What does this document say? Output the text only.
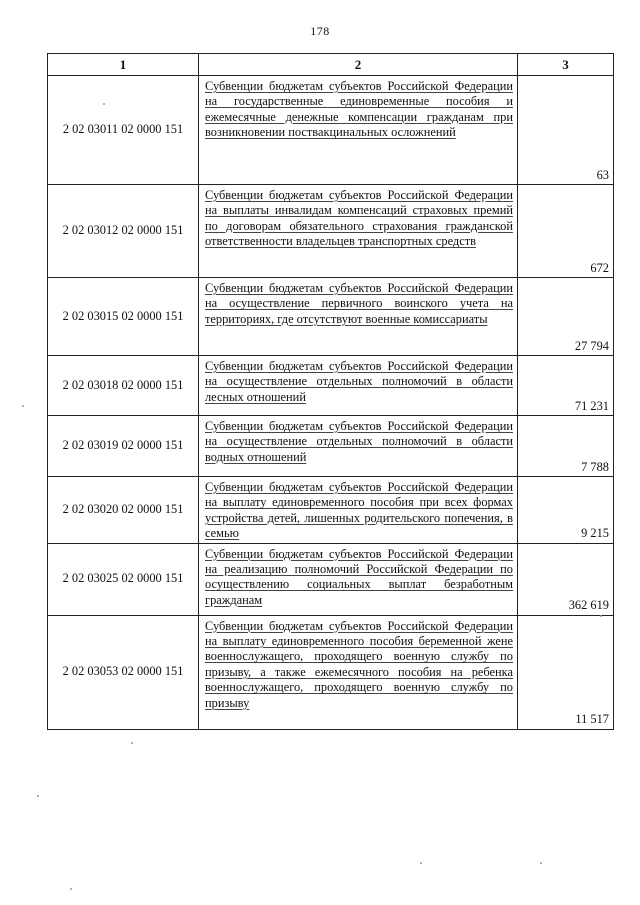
178
1	2	3
2 02 03011 02 0000 151	Субвенции бюджетам субъектов Российской Федерации на государственные единовременные пособия и ежемесячные денежные компенсации гражданам при возникновении поствакцинальных осложнений	63
2 02 03012 02 0000 151	Субвенции бюджетам субъектов Российской Федерации на выплаты инвалидам компенсаций страховых премий по договорам обязательного страхования гражданской ответственности владельцев транспортных средств	672
2 02 03015 02 0000 151	Субвенции бюджетам субъектов Российской Федерации на осуществление первичного воинского учета на территориях, где отсутствуют военные комиссариаты	27 794
2 02 03018 02 0000 151	Субвенции бюджетам субъектов Российской Федерации на осуществление отдельных полномочий в области лесных отношений	71 231
2 02 03019 02 0000 151	Субвенции бюджетам субъектов Российской Федерации на осуществление отдельных полномочий в области водных отношений	7 788
2 02 03020 02 0000 151	Субвенции бюджетам субъектов Российской Федерации на выплату единовременного пособия при всех формах устройства детей, лишенных родительского попечения, в семью	9 215
2 02 03025 02 0000 151	Субвенции бюджетам субъектов Российской Федерации на реализацию полномочий Российской Федерации по осуществлению социальных выплат безработным гражданам	362 619
2 02 03053 02 0000 151	Субвенции бюджетам субъектов Российской Федерации на выплату единовременного пособия беременной жене военнослужащего, проходящего военную службу по призыву, а также ежемесячного пособия на ребенка военнослужащего, проходящего военную службу по призыву	11 517
